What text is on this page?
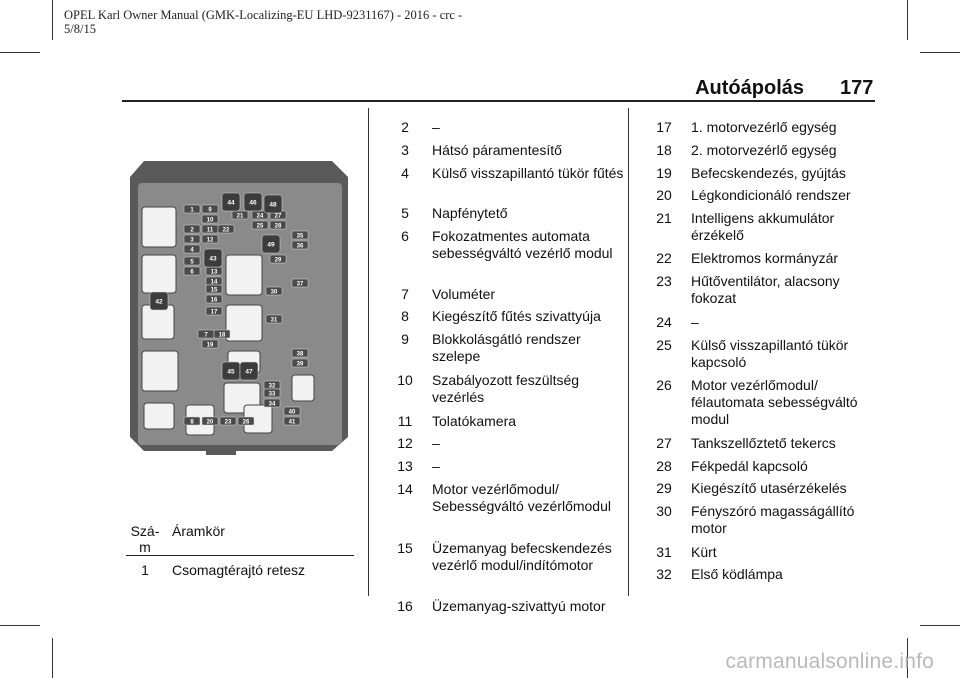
OPEL Karl Owner Manual (GMK-Localizing-EU LHD-9231167) - 2016 - crc -
5/8/15
Autóápolás 177
1
2
3
4
5
6
7
8
9
10
11
12
13
14
15
16
17
18
19
20
21
22
23
24
25
26
27
28
29
30
31
32
33
34
35
36
37
38
39
40
41
42
43
44
45
46
47
48
49
Szá-
m
Áramkör
1	Csomagtérajtó retesz
2	–
3	Hátsó páramentesítő
4	Külső visszapillantó tükör fűtés
5	Napfénytető
6	Fokozatmentes automata sebességváltó vezérlő modul
7	Voluméter
8	Kiegészítő fűtés szivattyúja
9	Blokkolásgátló rendszer szelepe
10	Szabályozott feszültség vezérlés
11	Tolatókamera
12	–
13	–
14	Motor vezérlőmodul/ Sebességváltó vezérlőmodul
15	Üzemanyag befecskendezés vezérlő modul/indítómotor
16	Üzemanyag-szivattyú motor
17	1. motorvezérlő egység
18	2. motorvezérlő egység
19	Befecskendezés, gyújtás
20	Légkondicionáló rendszer
21	Intelligens akkumulátor érzékelő
22	Elektromos kormányzár
23	Hűtőventilátor, alacsony fokozat
24	–
25	Külső visszapillantó tükör kapcsoló
26	Motor vezérlőmodul/ félautomata sebességváltó modul
27	Tankszellőztető tekercs
28	Fékpedál kapcsoló
29	Kiegészítő utasérzékelés
30	Fényszóró magasságállító motor
31	Kürt
32	Első ködlámpa
carmanualsonline.info
